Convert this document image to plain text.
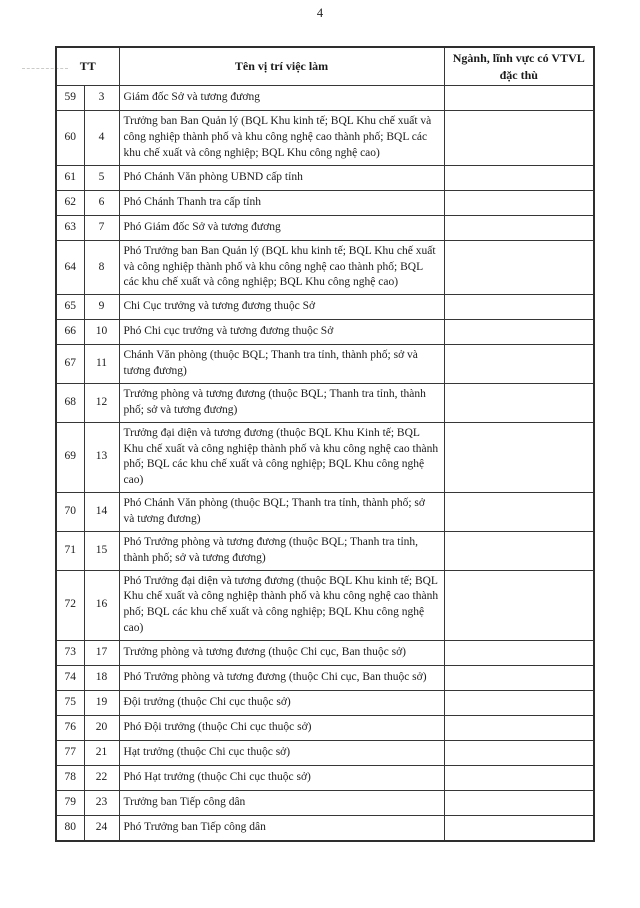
4
TT		Tên vị trí việc làm	Ngành, lĩnh vực có VTVL đặc thù
59	3	Giám đốc Sở và tương đương	
60	4	Trưởng ban Ban Quản lý (BQL Khu kinh tế; BQL Khu chế xuất và công nghiệp thành phố và khu công nghệ cao thành phố; BQL các khu chế xuất và công nghiệp; BQL Khu công nghệ cao)	
61	5	Phó Chánh Văn phòng UBND cấp tỉnh	
62	6	Phó Chánh Thanh tra cấp tỉnh	
63	7	Phó Giám đốc Sở và tương đương	
64	8	Phó Trưởng ban Ban Quản lý (BQL khu kinh tế; BQL Khu chế xuất và công nghiệp thành phố và khu công nghệ cao thành phố; BQL các khu chế xuất và công nghiệp; BQL Khu công nghệ cao)	
65	9	Chi Cục trưởng và tương đương thuộc Sở	
66	10	Phó Chi cục trưởng và tương đương thuộc Sở	
67	11	Chánh Văn phòng (thuộc BQL; Thanh tra tỉnh, thành phố; sở và tương đương)	
68	12	Trưởng phòng và tương đương (thuộc BQL; Thanh tra tỉnh, thành phố; sở và tương đương)	
69	13	Trưởng đại diện và tương đương (thuộc BQL Khu Kinh tế; BQL Khu chế xuất và công nghiệp thành phố và khu công nghệ cao thành phố; BQL các khu chế xuất và công nghiệp; BQL Khu công nghệ cao)	
70	14	Phó Chánh Văn phòng (thuộc BQL; Thanh tra tỉnh, thành phố; sở và tương đương)	
71	15	Phó Trưởng phòng và tương đương (thuộc BQL; Thanh tra tỉnh, thành phố; sở và tương đương)	
72	16	Phó Trưởng đại diện và tương đương (thuộc BQL Khu kinh tế; BQL Khu chế xuất và công nghiệp thành phố và khu công nghệ cao thành phố; BQL các khu chế xuất và công nghiệp; BQL Khu công nghệ cao)	
73	17	Trưởng phòng và tương đương (thuộc Chi cục, Ban thuộc sở)	
74	18	Phó Trưởng phòng và tương đương (thuộc Chi cục, Ban thuộc sở)	
75	19	Đội trưởng (thuộc Chi cục thuộc sở)	
76	20	Phó Đội trưởng (thuộc Chi cục thuộc sở)	
77	21	Hạt trưởng (thuộc Chi cục thuộc sở)	
78	22	Phó Hạt trưởng (thuộc Chi cục thuộc sở)	
79	23	Trưởng ban Tiếp công dân	
80	24	Phó Trưởng ban Tiếp công dân	
